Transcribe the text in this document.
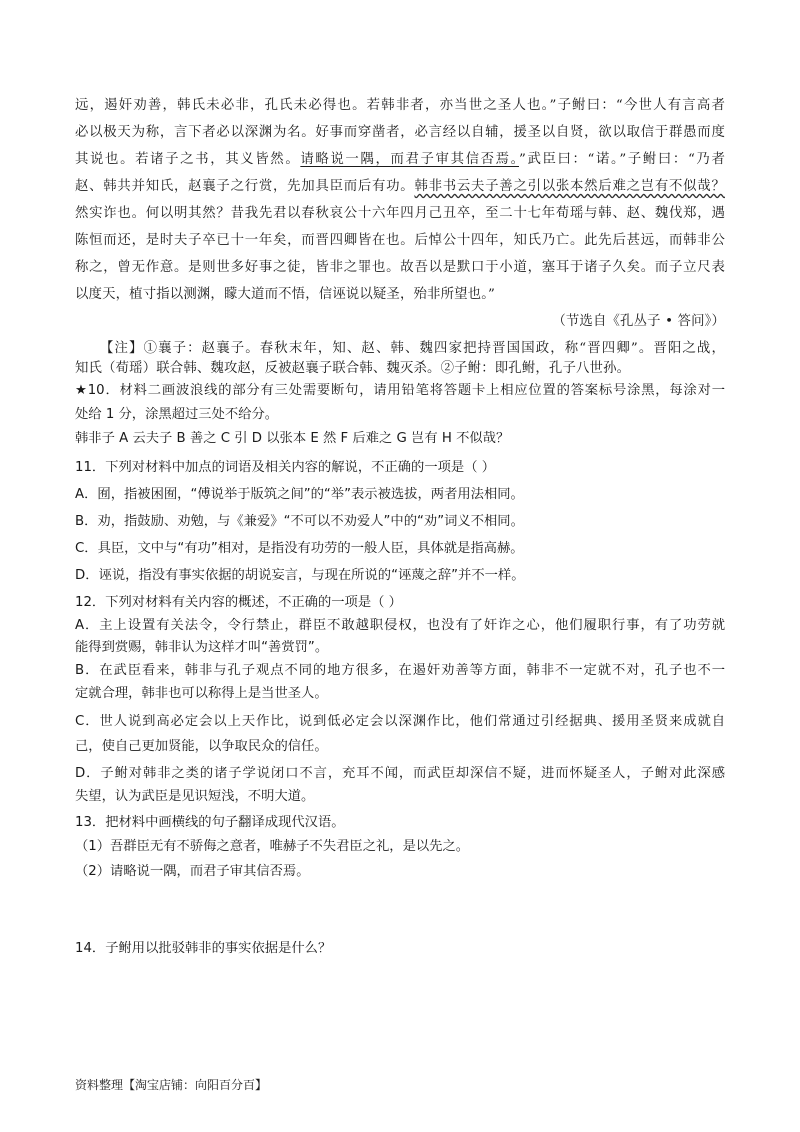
远，遏奸劝善，韩氏未必非，孔氏未必得也。若韩非者，亦当世之圣人也。”子鲋曰：“今世人有言高者
必以极天为称，言下者必以深渊为名。好事而穿凿者，必言经以自辅，援圣以自贤，欲以取信于群愚而度
其说也。若诸子之书，其义皆然。请略说一隅，而君子审其信否焉。”武臣曰：“诺。”子鲋曰：“乃者
赵、韩共并知氏，赵襄子之行赏，先加具臣而后有功。韩非书云夫子善之引以张本然后难之岂有不似哉？
然实诈也。何以明其然？昔我先君以春秋哀公十六年四月己丑卒，至二十七年荀瑶与韩、赵、魏伐郑，遇
陈恒而还，是时夫子卒已十一年矣，而晋四卿皆在也。后悼公十四年，知氏乃亡。此先后甚远，而韩非公
称之，曾无作意。是则世多好事之徒，皆非之罪也。故吾以是默口于小道，塞耳于诸子久矣。而子立尺表
以度天，植寸指以测渊，矇大道而不悟，信诬说以疑圣，殆非所望也。”
（节选自《孔丛子 • 答问》）
【注】①襄子：赵襄子。春秋末年，知、赵、韩、魏四家把持晋国国政，称“晋四卿”。晋阳之战，
知氏（荀瑶）联合韩、魏攻赵，反被赵襄子联合韩、魏灭杀。②子鲋：即孔鲋，孔子八世孙。
★10．材料二画波浪线的部分有三处需要断句，请用铅笔将答题卡上相应位置的答案标号涂黑，每涂对一
处给 1 分，涂黑超过三处不给分。
韩非子 A 云夫子 B 善之 C 引 D 以张本 E 然 F 后难之 G 岂有 H 不似哉？
11．下列对材料中加点的词语及相关内容的解说，不正确的一项是（ ）
A．囿，指被困囿，“傅说举于版筑之间”的“举”表示被选拔，两者用法相同。
B．劝，指鼓励、劝勉，与《兼爱》“不可以不劝爱人”中的“劝”词义不相同。
C．具臣，文中与“有功”相对，是指没有功劳的一般人臣，具体就是指高赫。
D．诬说，指没有事实依据的胡说妄言，与现在所说的“诬蔑之辞”并不一样。
12．下列对材料有关内容的概述，不正确的一项是（ ）
A．主上设置有关法令，令行禁止，群臣不敢越职侵权，也没有了奸诈之心，他们履职行事，有了功劳就
能得到赏赐，韩非认为这样才叫“善赏罚”。
B．在武臣看来，韩非与孔子观点不同的地方很多，在遏奸劝善等方面，韩非不一定就不对，孔子也不一
定就合理，韩非也可以称得上是当世圣人。
C．世人说到高必定会以上天作比，说到低必定会以深渊作比，他们常通过引经据典、援用圣贤来成就自
己，使自己更加贤能，以争取民众的信任。
D．子鲋对韩非之类的诸子学说闭口不言，充耳不闻，而武臣却深信不疑，进而怀疑圣人，子鲋对此深感
失望，认为武臣是见识短浅，不明大道。
13．把材料中画横线的句子翻译成现代汉语。
（1）吾群臣无有不骄侮之意者，唯赫子不失君臣之礼，是以先之。
（2）请略说一隅，而君子审其信否焉。
14．子鲋用以批驳韩非的事实依据是什么？
资料整理【淘宝店铺：向阳百分百】
